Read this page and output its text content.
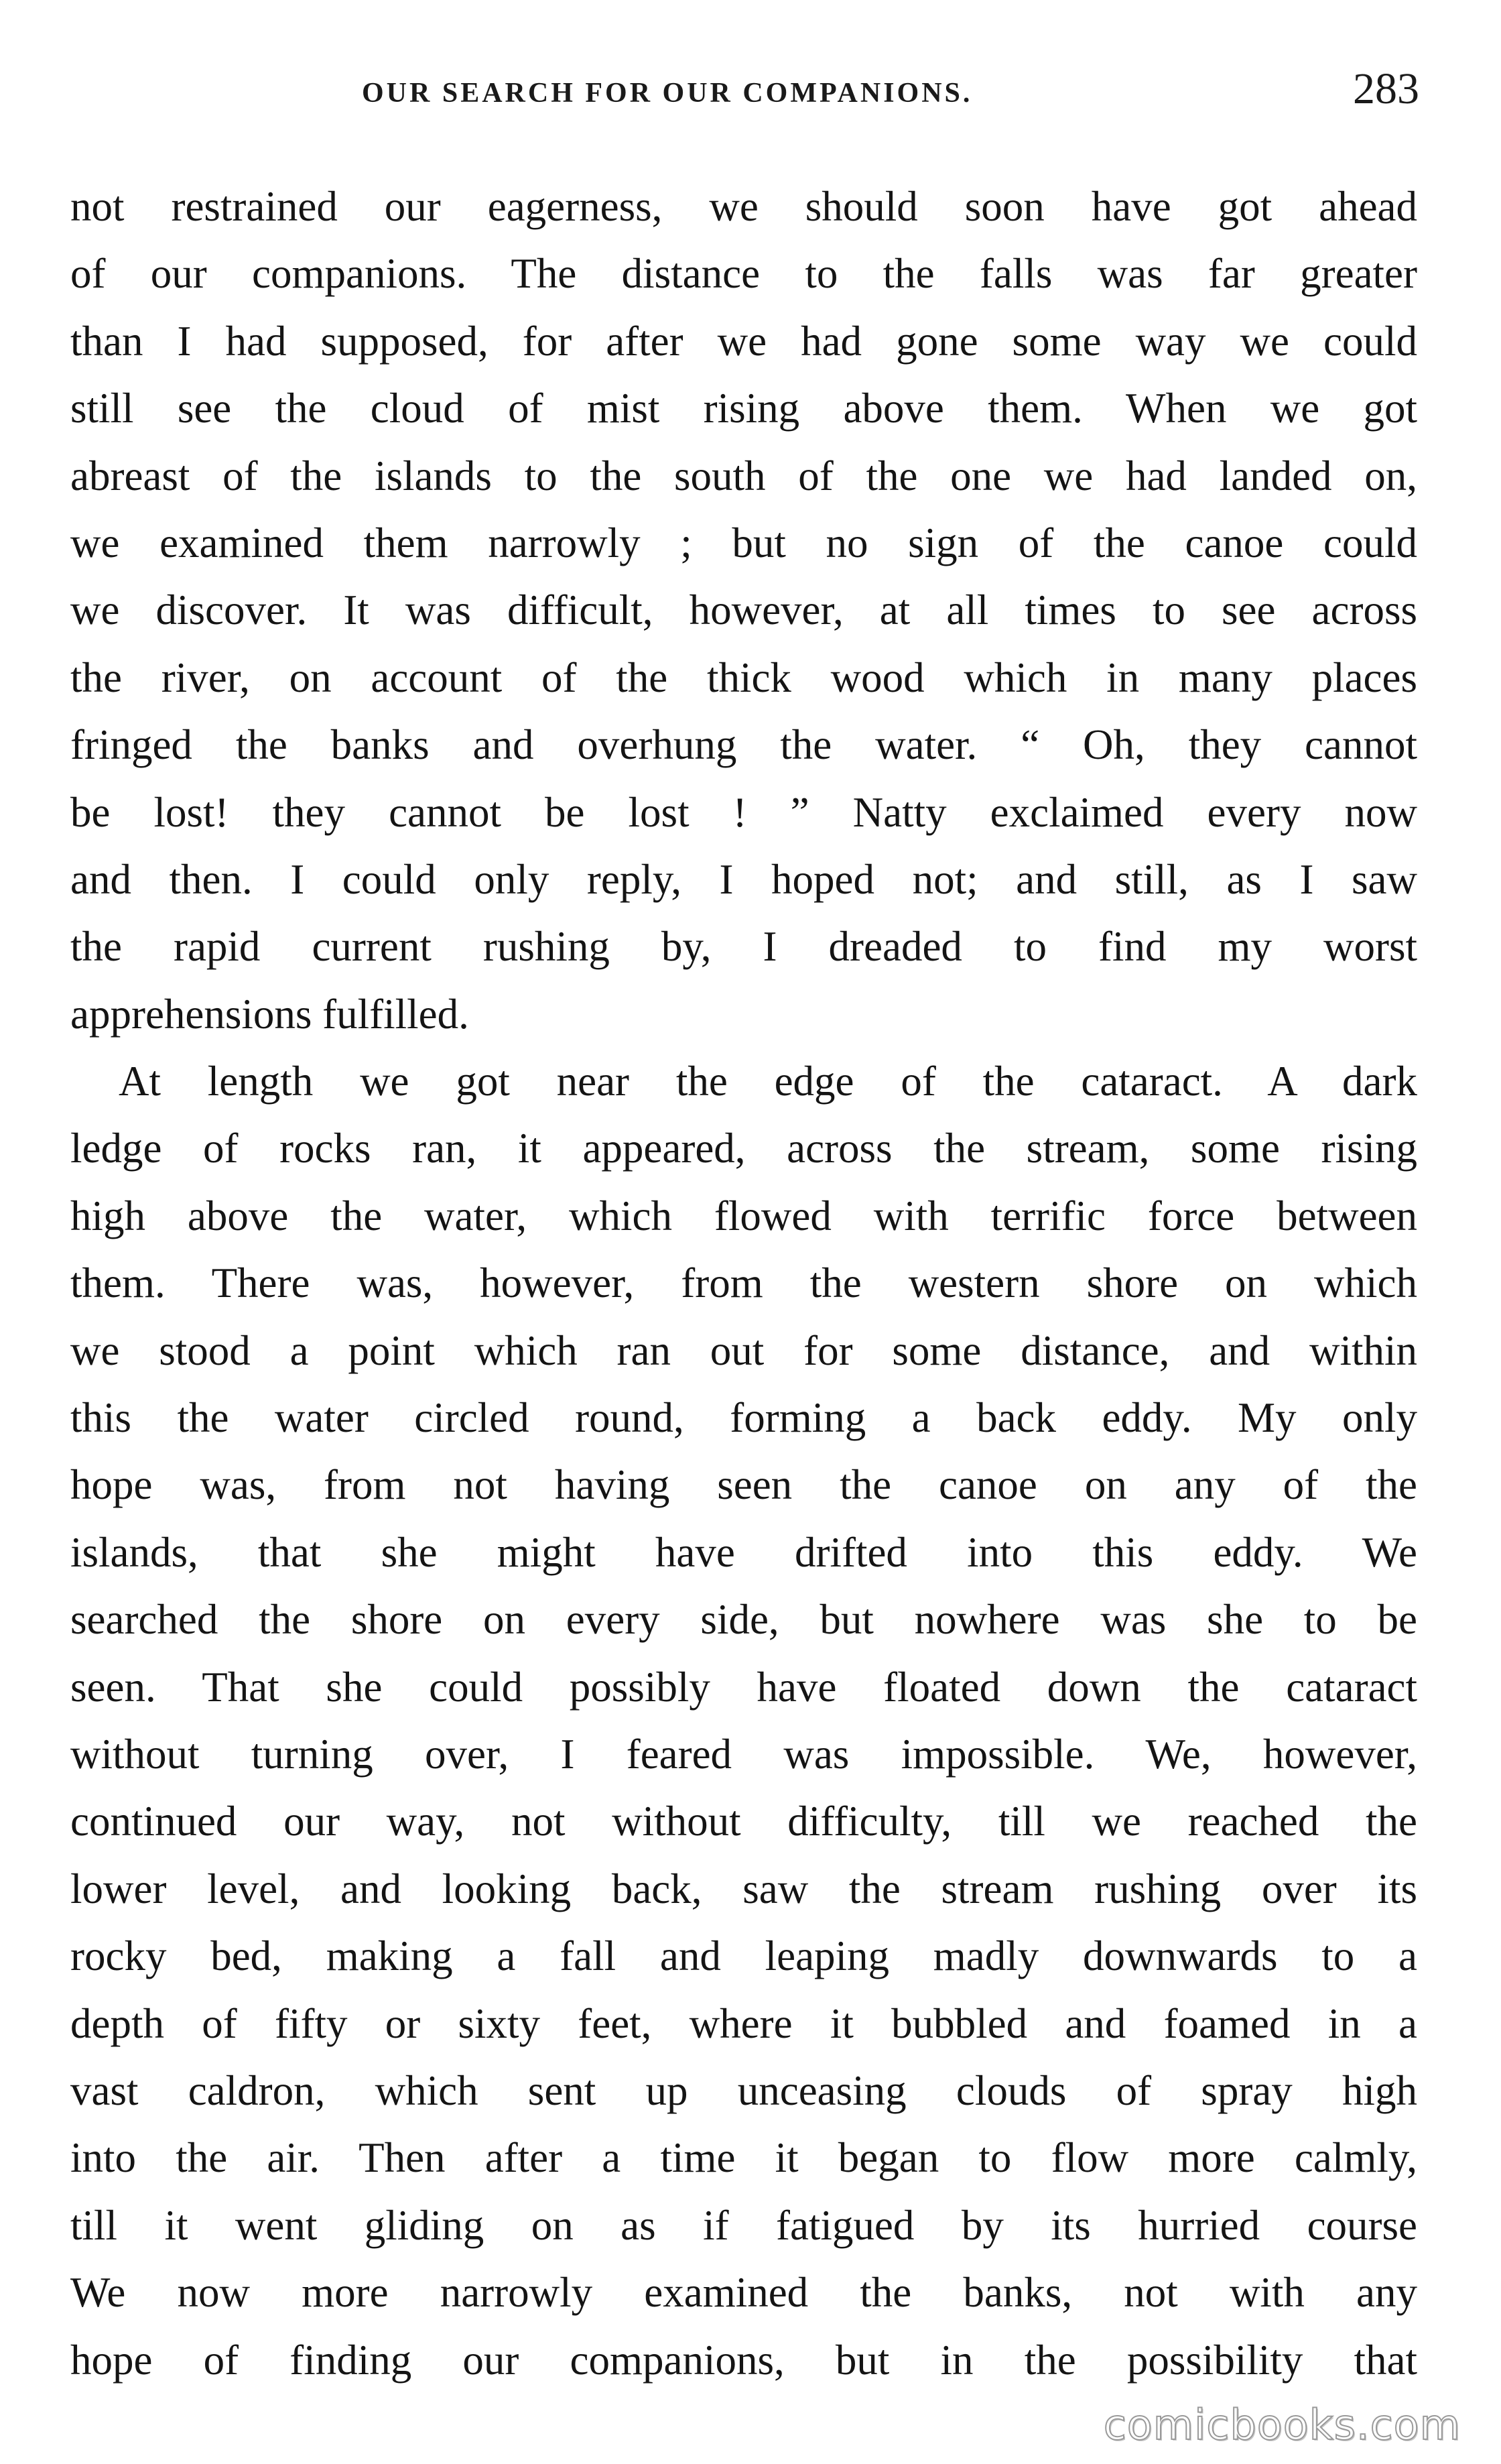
OUR SEARCH FOR OUR COMPANIONS.	283
not restrained our eagerness, we should soon have got ahead
of our companions. The distance to the falls was far greater
than I had supposed, for after we had gone some way we could
still see the cloud of mist rising above them. When we got
abreast of the islands to the south of the one we had landed on,
we examined them narrowly ; but no sign of the canoe could
we discover. It was difficult, however, at all times to see across
the river, on account of the thick wood which in many places
fringed the banks and overhung the water. “ Oh, they cannot
be lost! they cannot be lost ! ” Natty exclaimed every now
and then. I could only reply, I hoped not; and still, as I saw
the rapid current rushing by, I dreaded to find my worst
apprehensions fulfilled.
At length we got near the edge of the cataract. A dark
ledge of rocks ran, it appeared, across the stream, some rising
high above the water, which flowed with terrific force between
them. There was, however, from the western shore on which
we stood a point which ran out for some distance, and within
this the water circled round, forming a back eddy. My only
hope was, from not having seen the canoe on any of the
islands, that she might have drifted into this eddy. We
searched the shore on every side, but nowhere was she to be
seen. That she could possibly have floated down the cataract
without turning over, I feared was impossible. We, however,
continued our way, not without difficulty, till we reached the
lower level, and looking back, saw the stream rushing over its
rocky bed, making a fall and leaping madly downwards to a
depth of fifty or sixty feet, where it bubbled and foamed in a
vast caldron, which sent up unceasing clouds of spray high
into the air. Then after a time it began to flow more calmly,
till it went gliding on as if fatigued by its hurried course
We now more narrowly examined the banks, not with any
hope of finding our companions, but in the possibility that
comicbooks.com
